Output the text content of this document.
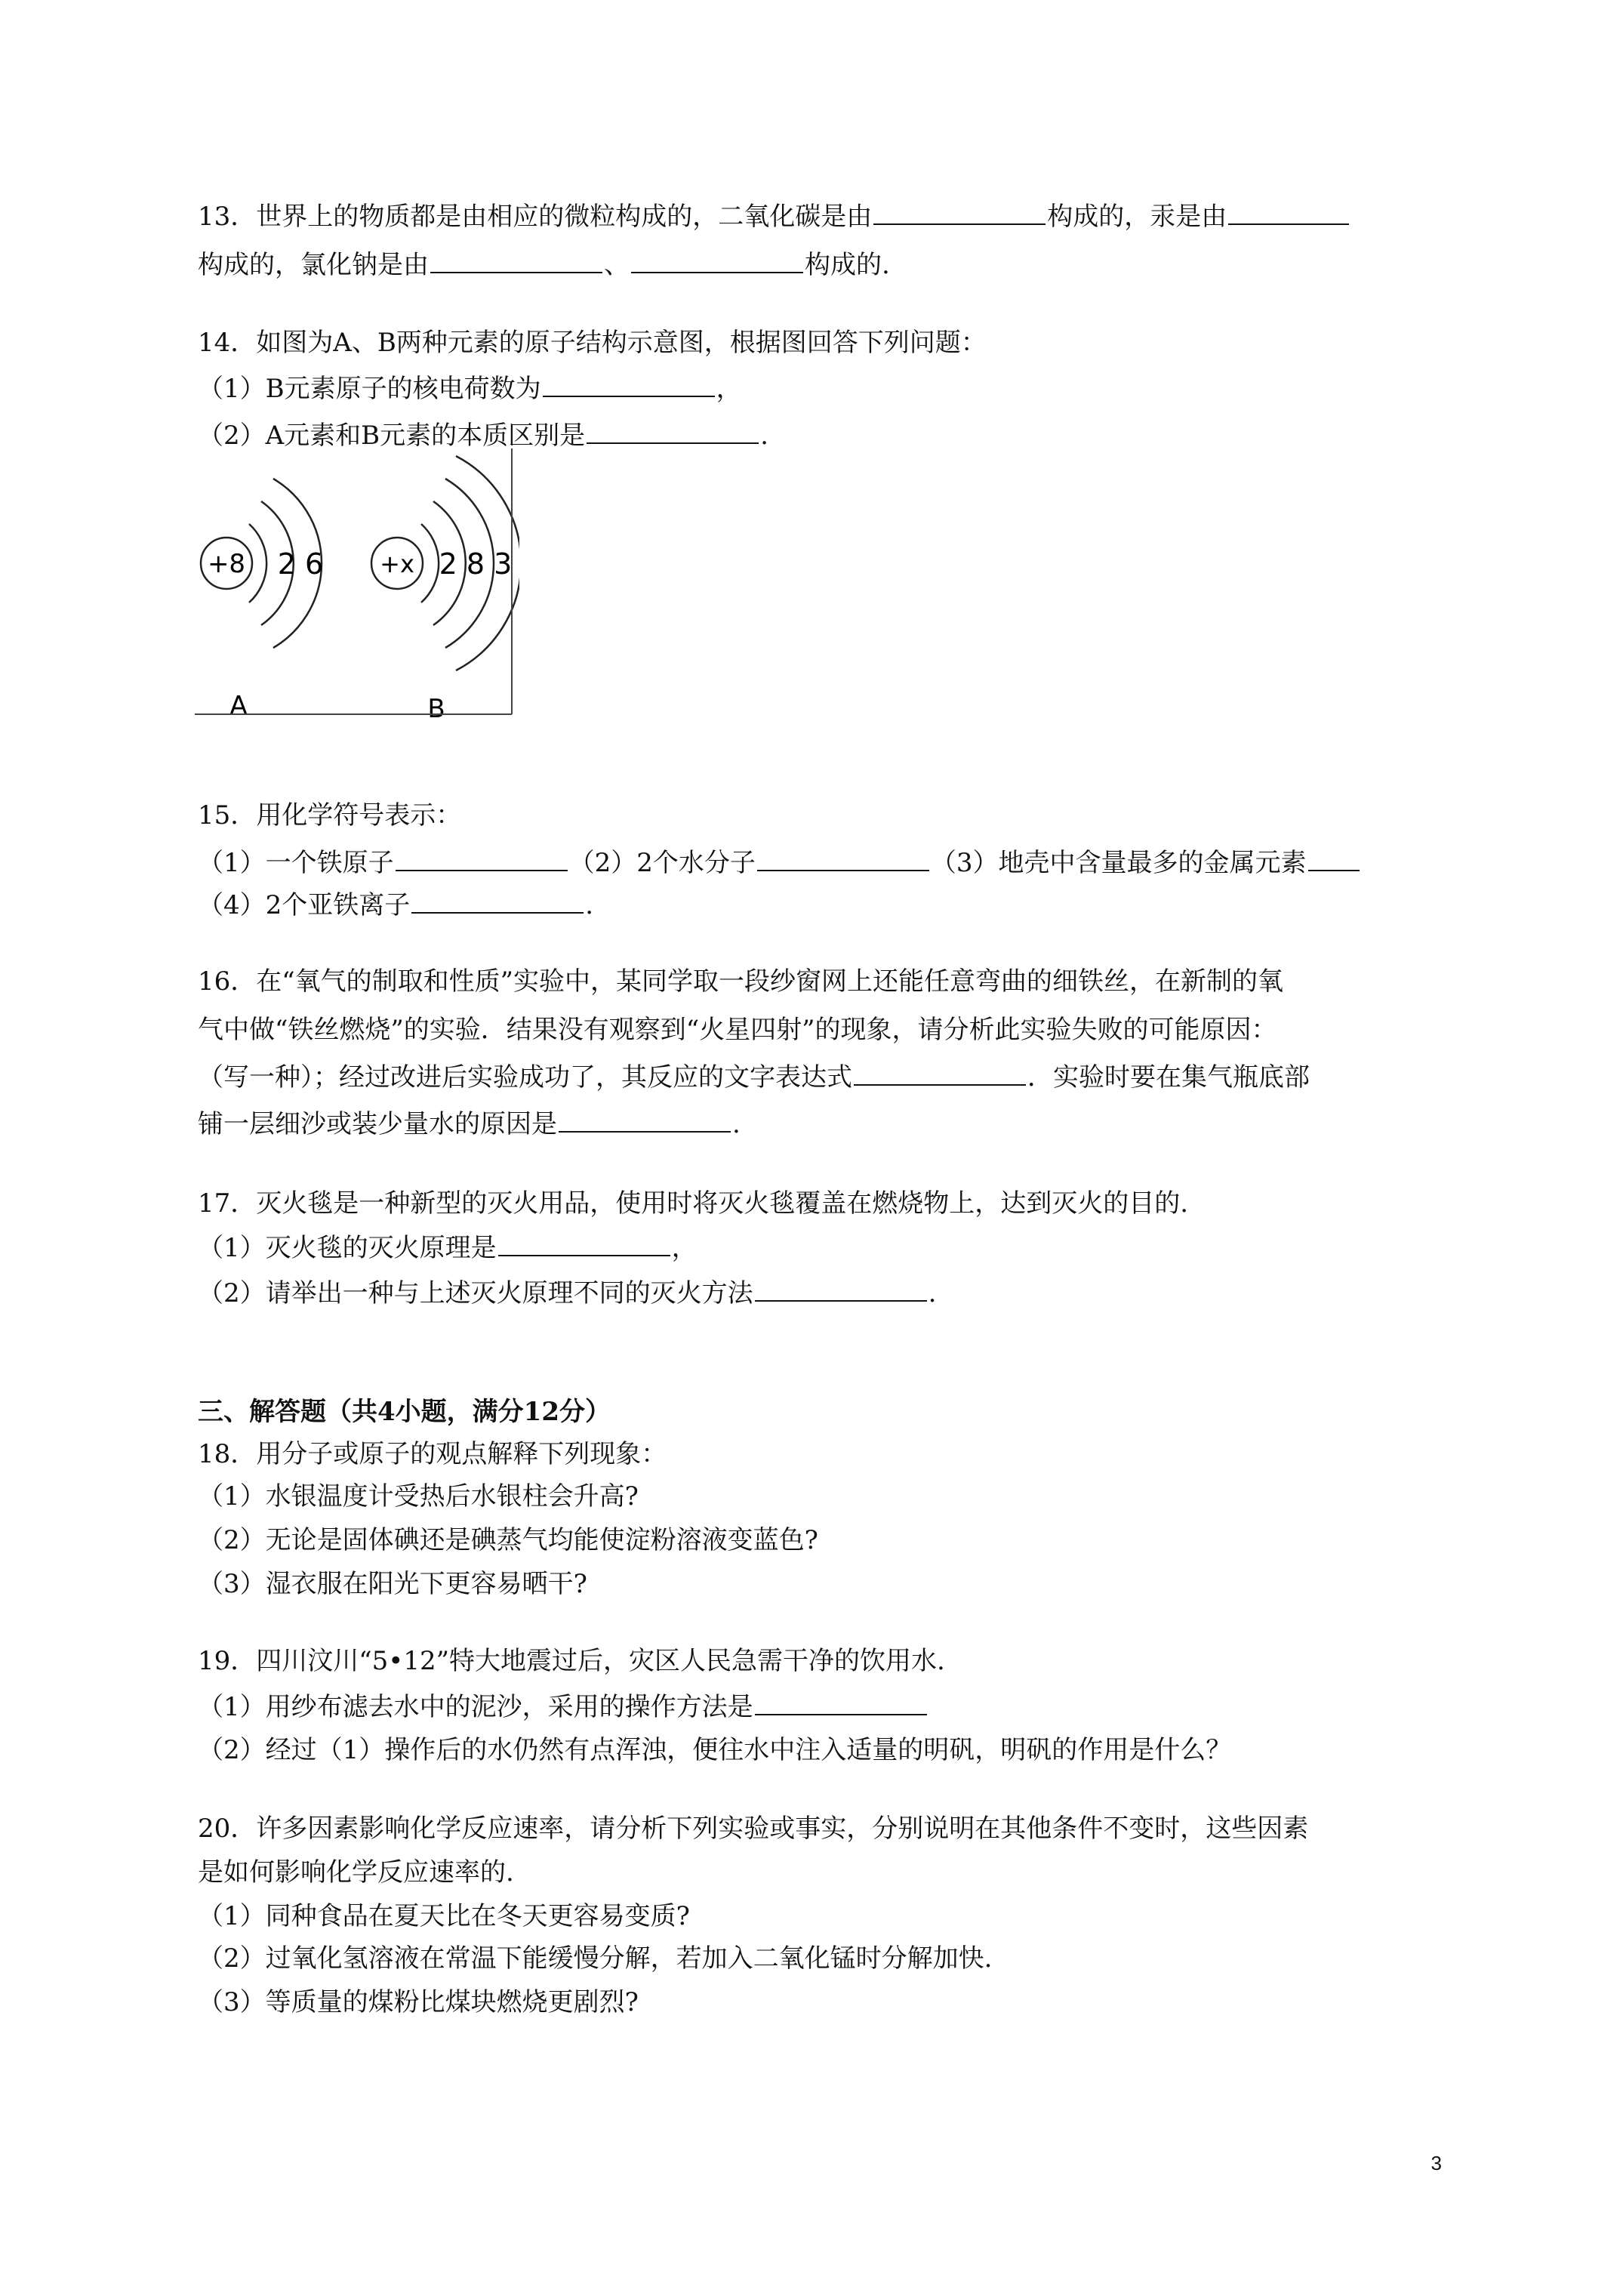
13．世界上的物质都是由相应的微粒构成的，二氧化碳是由	构成的，汞是由
构成的，氯化钠是由	、	构成的.
14．如图为A、B两种元素的原子结构示意图，根据图回答下列问题：
（1）B元素原子的核电荷数为	，
（2）A元素和B元素的本质区别是	.
+8 2 6
A
+x 2 8 3
B
15．用化学符号表示：
（1）一个铁原子	（2）2个水分子	（3）地壳中含量最多的金属元素
（4）2个亚铁离子	.
16．在“氧气的制取和性质”实验中，某同学取一段纱窗网上还能任意弯曲的细铁丝，在新制的氧
气中做“铁丝燃烧”的实验．结果没有观察到“火星四射”的现象，请分析此实验失败的可能原因：
（写一种）；经过改进后实验成功了，其反应的文字表达式	．实验时要在集气瓶底部
铺一层细沙或装少量水的原因是	.
17．灭火毯是一种新型的灭火用品，使用时将灭火毯覆盖在燃烧物上，达到灭火的目的.
（1）灭火毯的灭火原理是	，
（2）请举出一种与上述灭火原理不同的灭火方法	.
三、解答题（共4小题，满分12分）
18．用分子或原子的观点解释下列现象：
（1）水银温度计受热后水银柱会升高?
（2）无论是固体碘还是碘蒸气均能使淀粉溶液变蓝色?
（3）湿衣服在阳光下更容易晒干?
19．四川汶川“5•12”特大地震过后，灾区人民急需干净的饮用水.
（1）用纱布滤去水中的泥沙，采用的操作方法是
（2）经过（1）操作后的水仍然有点浑浊，便往水中注入适量的明矾，明矾的作用是什么？
20．许多因素影响化学反应速率，请分析下列实验或事实，分别说明在其他条件不变时，这些因素
是如何影响化学反应速率的.
（1）同种食品在夏天比在冬天更容易变质?
（2）过氧化氢溶液在常温下能缓慢分解，若加入二氧化锰时分解加快.
（3）等质量的煤粉比煤块燃烧更剧烈?
3
